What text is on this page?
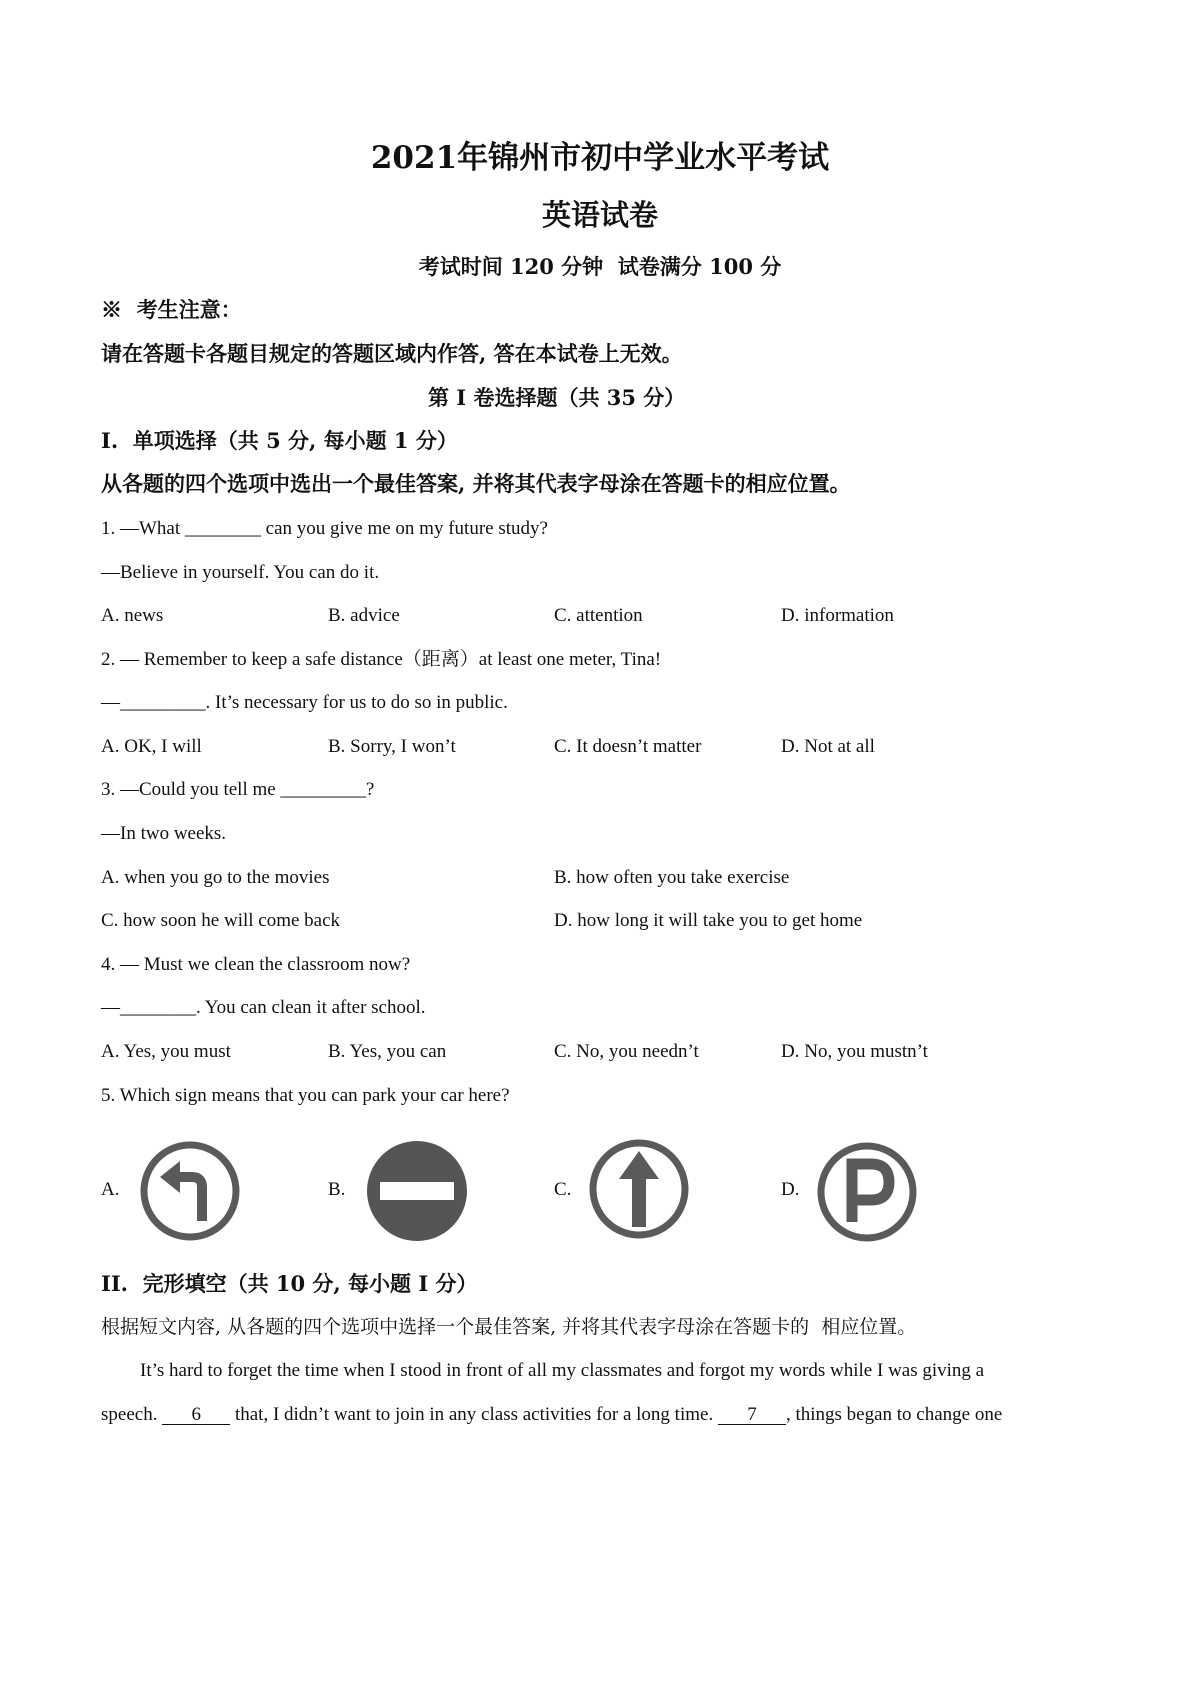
2021年锦州市初中学业水平考试
英语试卷
考试时间 120 分钟  试卷满分 100 分
※  考生注意：
请在答题卡各题目规定的答题区域内作答, 答在本试卷上无效。
第 I 卷选择题（共 35 分）
I.  单项选择（共 5 分, 每小题 1 分）
从各题的四个选项中选出一个最佳答案, 并将其代表字母涂在答题卡的相应位置。
1. —What ________ can you give me on my future study?
—Believe in yourself. You can do it.
A. news	B. advice	C. attention	D. information
2. — Remember to keep a safe distance（距离）at least one meter, Tina!
—_________. It’s necessary for us to do so in public.
A. OK, I will	B. Sorry, I won’t	C. It doesn’t matter	D. Not at all
3. —Could you tell me _________?
—In two weeks.
A. when you go to the movies	B. how often you take exercise
C. how soon he will come back	D. how long it will take you to get home
4. — Must we clean the classroom now?
—________. You can clean it after school.
A. Yes, you must	B. Yes, you can	C. No, you needn’t	D. No, you mustn’t
5. Which sign means that you can park your car here?
A.	B.	C.	D.
II.  完形填空（共 10 分, 每小题 I 分）
根据短文内容, 从各题的四个选项中选择一个最佳答案, 并将其代表字母涂在答题卡的  相应位置。
It’s hard to forget the time when I stood in front of all my classmates and forgot my words while I was giving a
speech. 6 that, I didn’t want to join in any class activities for a long time. 7 , things began to change one
